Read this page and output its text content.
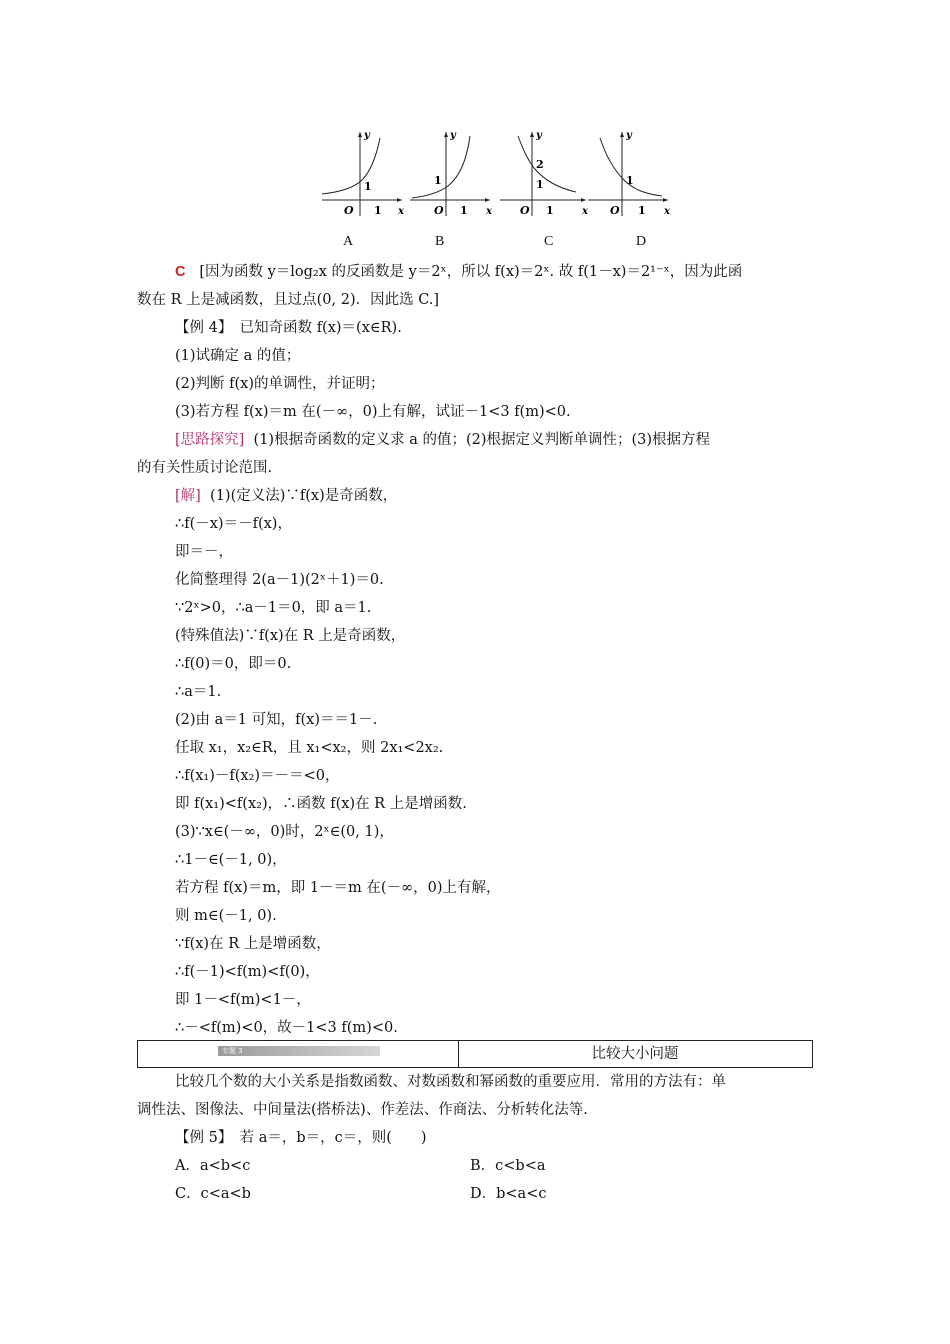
y
x
O 1
1
y
x
O 1
1
y
x
O 1
2
1
y
x
O 1
1
A	B	C	D
C [因为函数 y＝log₂x 的反函数是 y＝2ˣ，所以 f(x)＝2ˣ. 故 f(1－x)＝2¹⁻ˣ，因为此函
数在 R 上是减函数，且过点(0, 2)．因此选 C.]
【例 4】　已知奇函数 f(x)＝(x∈R).
(1)试确定 a 的值；
(2)判断 f(x)的单调性，并证明；
(3)若方程 f(x)＝m 在(－∞，0)上有解，试证－1<3 f(m)<0.
[思路探究] (1)根据奇函数的定义求 a 的值；(2)根据定义判断单调性；(3)根据方程
的有关性质讨论范围.
[解] (1)(定义法)∵f(x)是奇函数，
∴f(－x)＝－f(x)，
即＝－，
化简整理得 2(a－1)(2ˣ＋1)＝0.
∵2ˣ>0，∴a－1＝0，即 a＝1.
(特殊值法)∵f(x)在 R 上是奇函数，
∴f(0)＝0，即＝0.
∴a＝1.
(2)由 a＝1 可知，f(x)＝＝1－.
任取 x₁，x₂∈R，且 x₁<x₂，则 2x₁<2x₂.
∴f(x₁)－f(x₂)＝－＝<0，
即 f(x₁)<f(x₂)，∴函数 f(x)在 R 上是增函数.
(3)∵x∈(－∞，0)时，2ˣ∈(0, 1)，
∴1－∈(－1, 0)，
若方程 f(x)＝m，即 1－＝m 在(－∞，0)上有解，
则 m∈(－1, 0).
∵f(x)在 R 上是增函数，
∴f(－1)<f(m)<f(0)，
即 1－<f(m)<1－，
∴－<f(m)<0，故－1<3 f(m)<0.
专题 3	比较大小问题
比较几个数的大小关系是指数函数、对数函数和幂函数的重要应用．常用的方法有：单
调性法、图像法、中间量法(搭桥法)、作差法、作商法、分析转化法等.
【例 5】　若 a＝，b＝，c＝，则(　　)
A．a<b<c	B．c<b<a
C．c<a<b	D．b<a<c
